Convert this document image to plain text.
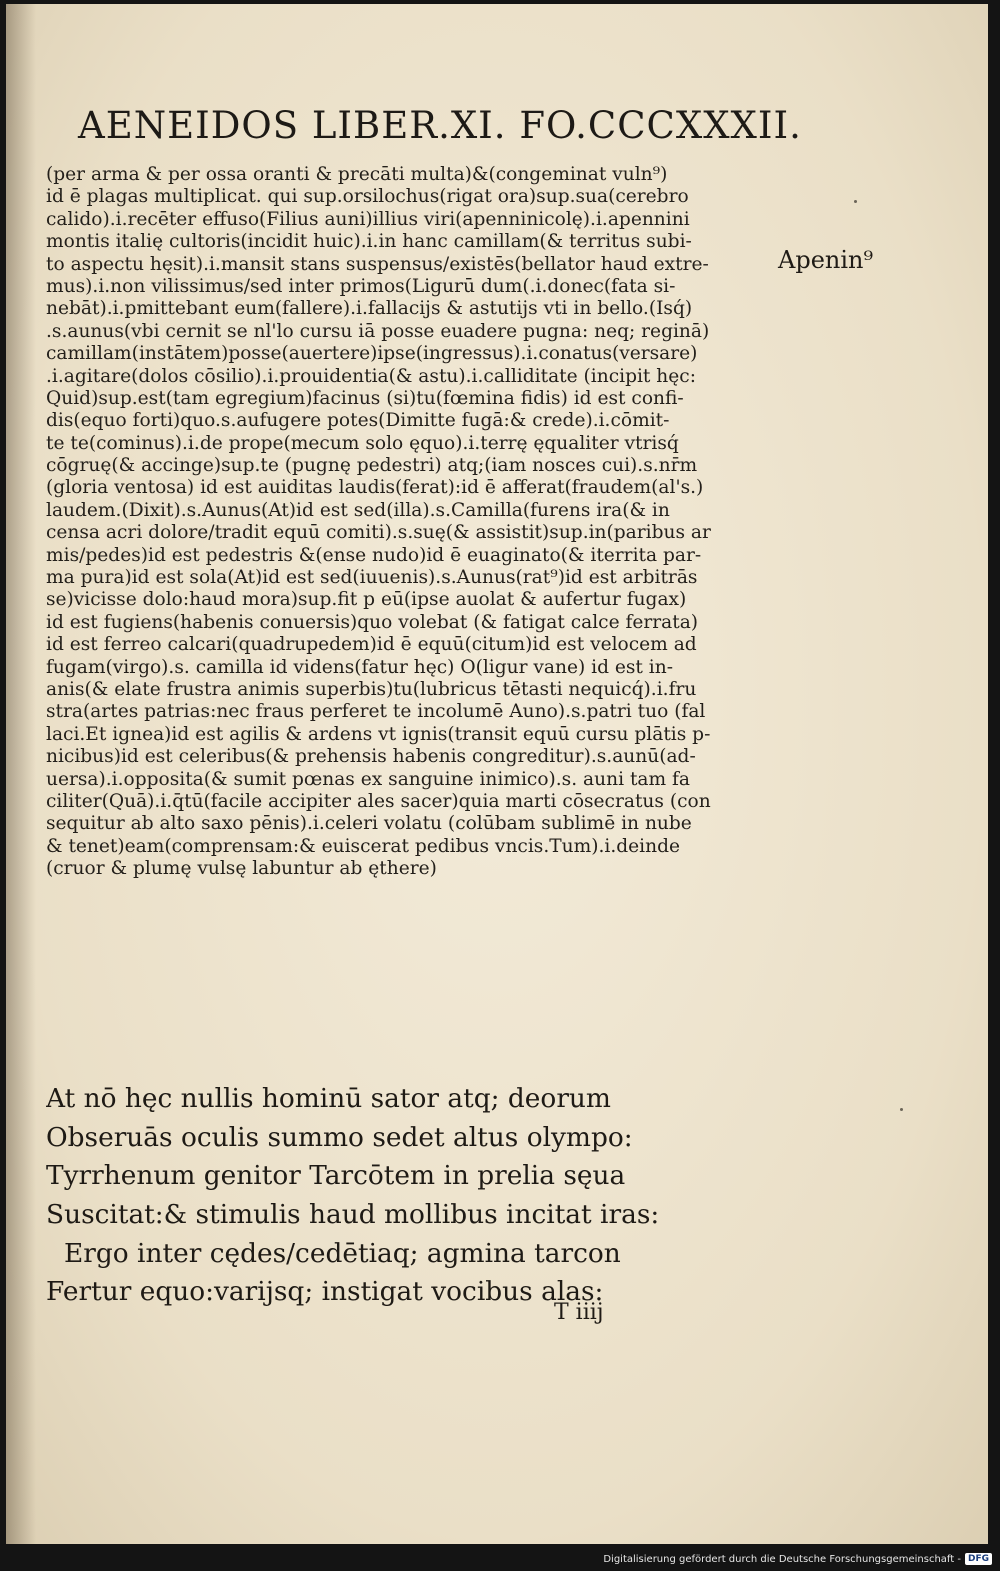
AENEIDOS LIBER.XI. FO.CCCXXXII.
(per arma & per ossa oranti & precāti multa)&(congeminat vuln⁹)
id ē plagas multiplicat. qui sup.orsilochus(rigat ora)sup.sua(cerebro
calido).i.recēter effuso(Filius auni)illius viri(apenninicolę).i.apennini
montis italię cultoris(incidit huic).i.in hanc camillam(& territus subi-
to aspectu hęsit).i.mansit stans suspensus/existēs(bellator haud extre-
mus).i.non vilissimus/sed inter primos(Ligurū dum(.i.donec(fata si-
nebāt).i.pmittebant eum(fallere).i.fallacijs & astutijs vti in bello.(Isq́)
.s.aunus(vbi cernit se nl'lo cursu iā posse euadere pugna: neq; reginā)
camillam(instātem)posse(auertere)ipse(ingressus).i.conatus(versare)
.i.agitare(dolos cōsilio).i.prouidentia(& astu).i.calliditate (incipit hęc:
Quid)sup.est(tam egregium)facinus (si)tu(fœmina fidis) id est confi-
dis(equo forti)quo.s.aufugere potes(Dimitte fugā:& crede).i.cōmit-
te te(cominus).i.de prope(mecum solo ęquo).i.terrę ęqualiter vtrisq́
cōgruę(& accinge)sup.te (pugnę pedestri) atq;(iam nosces cui).s.nr̄m
(gloria ventosa) id est auiditas laudis(ferat):id ē afferat(fraudem(al's.)
laudem.(Dixit).s.Aunus(At)id est sed(illa).s.Camilla(furens ira(& in
censa acri dolore/tradit equū comiti).s.suę(& assistit)sup.in(paribus ar
mis/pedes)id est pedestris &(ense nudo)id ē euaginato(& iterrita par-
ma pura)id est sola(At)id est sed(iuuenis).s.Aunus(rat⁹)id est arbitrās
se)vicisse dolo:haud mora)sup.fit p eū(ipse auolat & aufertur fugax)
id est fugiens(habenis conuersis)quo volebat (& fatigat calce ferrata)
id est ferreo calcari(quadrupedem)id ē equū(citum)id est velocem ad
fugam(virgo).s. camilla id videns(fatur hęc) O(ligur vane) id est in-
anis(& elate frustra animis superbis)tu(lubricus tētasti nequicq́).i.fru
stra(artes patrias:nec fraus perferet te incolumē Auno).s.patri tuo (fal
laci.Et ignea)id est agilis & ardens vt ignis(transit equū cursu plātis p-
nicibus)id est celeribus(& prehensis habenis congreditur).s.aunū(ad-
uersa).i.opposita(& sumit pœnas ex sanguine inimico).s. auni tam fa
ciliter(Quā).i.q̄tū(facile accipiter ales sacer)quia marti cōsecratus (con
sequitur ab alto saxo pēnis).i.celeri volatu (colūbam sublimē in nube
& tenet)eam(comprensam:& euiscerat pedibus vncis.Tum).i.deinde
(cruor & plumę vulsę labuntur ab ęthere)
Apenin⁹
At nō hęc nullis hominū sator atq; deorum
Obseruās oculis summo sedet altus olympo:
Tyrrhenum genitor Tarcōtem in prelia sęua
Suscitat:& stimulis haud mollibus incitat iras:
Ergo inter cędes/cedētiaq; agmina tarcon
Fertur equo:varijsq; instigat vocibus alas:
T iiij
Digitalisierung gefördert durch die Deutsche Forschungsgemeinschaft - DFG
